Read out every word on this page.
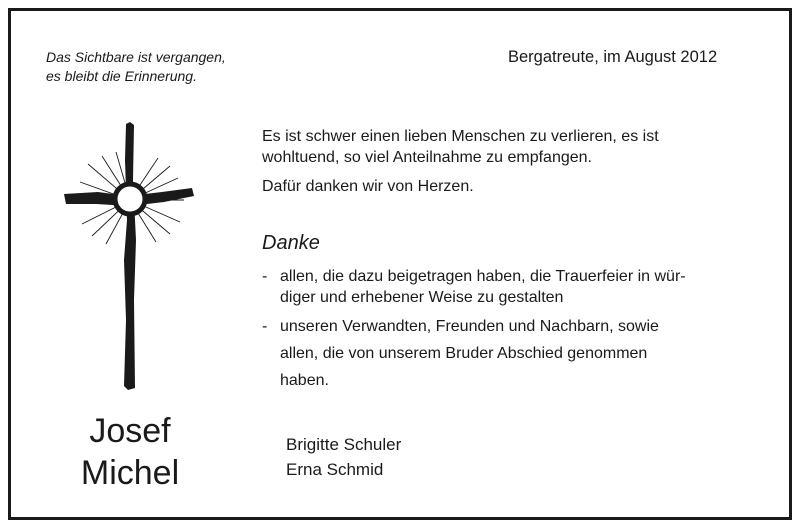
Das Sichtbare ist vergangen,
es bleibt die Erinnerung.
Bergatreute, im August 2012
Es ist schwer einen lieben Menschen zu verlieren, es ist
wohltuend, so viel Anteilnahme zu empfangen.
Dafür danken wir von Herzen.
Danke
- allen, die dazu beigetragen haben, die Trauerfeier in wür-
diger und erhebener Weise zu gestalten
- unseren Verwandten, Freunden und Nachbarn, sowie
allen, die von unserem Bruder Abschied genommen
haben.
Josef
Michel
Brigitte Schuler
Erna Schmid
